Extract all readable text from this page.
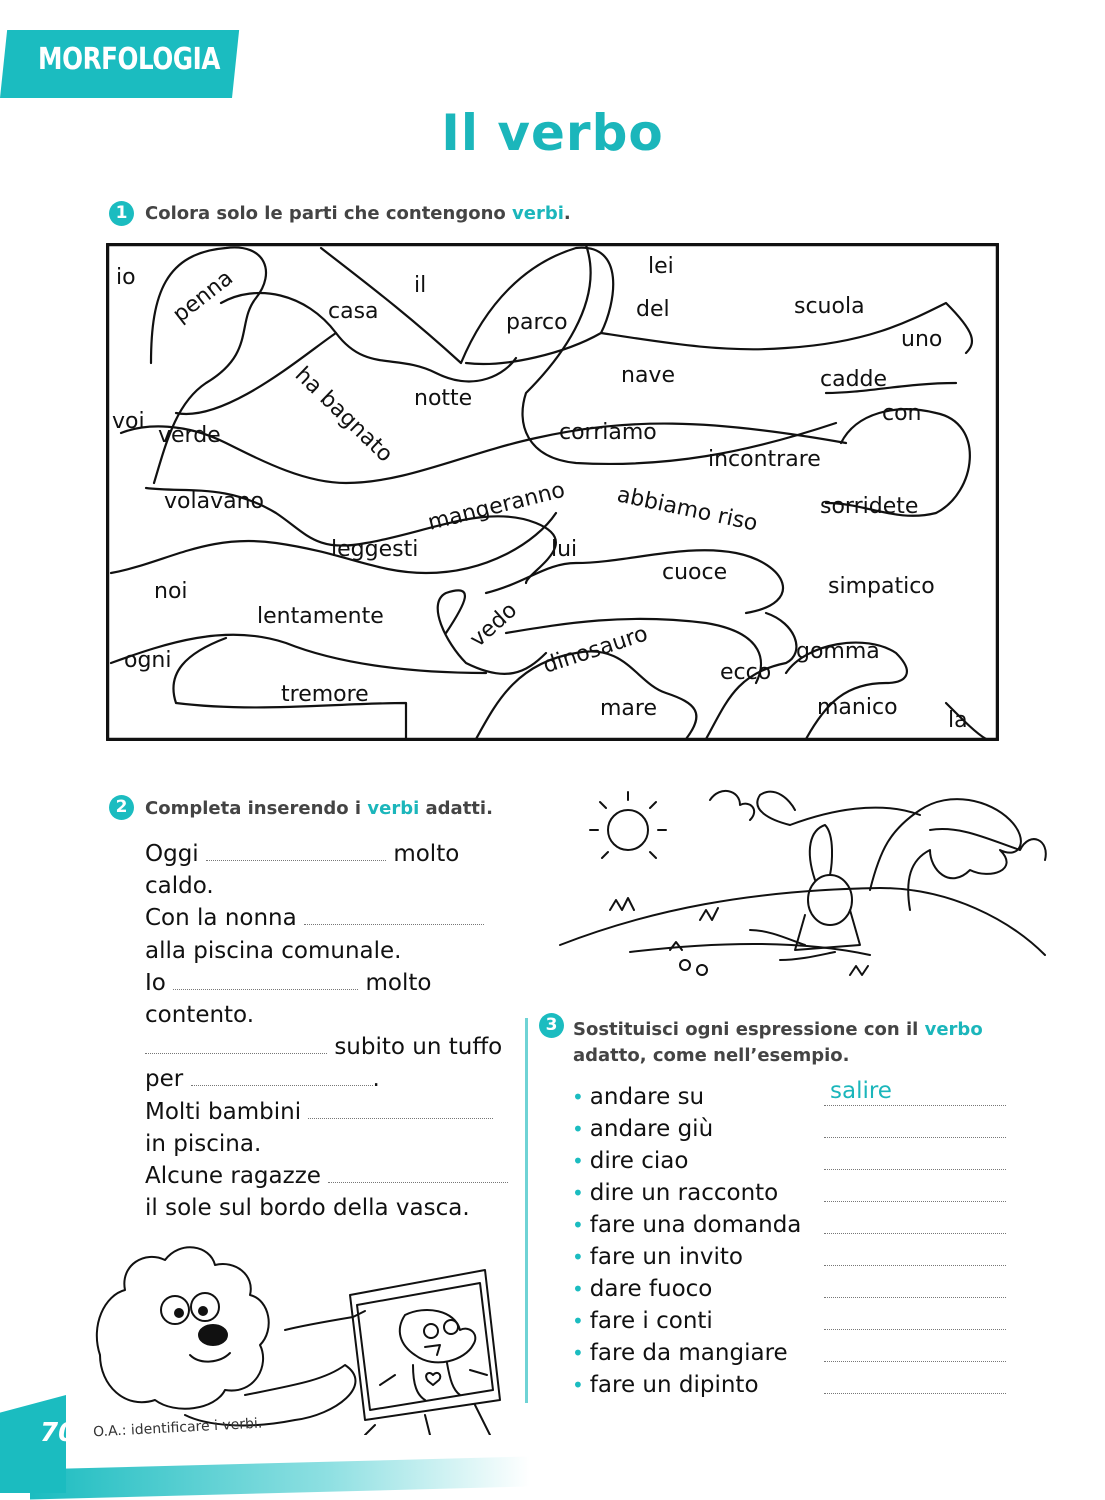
MORFOLOGIA
Il verbo
1 Colora solo le parti che contengono verbi.
io penna	il
lei
casa	parco
del	scuola
uno
voi
verde	ha bagnato notte
nave	cadde
con
corriamo
incontrare
volavano	mangeranno abbiamo riso	sorridete
leggesti	lui
cuoce
noi	simpatico
lentamente	vedo dinosauro
ogni	gomma
ecco
tremore
mare	manico
la
2 Completa inserendo i verbi adatti.
Oggi	molto
caldo.
Con la nonna
alla piscina comunale.
Io	molto
contento.
subito un tuffo
per	.
Molti bambini
in piscina.
Alcune ragazze
il sole sul bordo della vasca.
3 Sostituisci ogni espressione con il verbo
adatto, come nell’esempio.
• andare su	salire
• andare giù
• dire ciao
• dire un racconto
• fare una domanda
• fare un invito
• dare fuoco
• fare i conti
• fare da mangiare
• fare un dipinto
70 O.A.: identificare i verbi.
